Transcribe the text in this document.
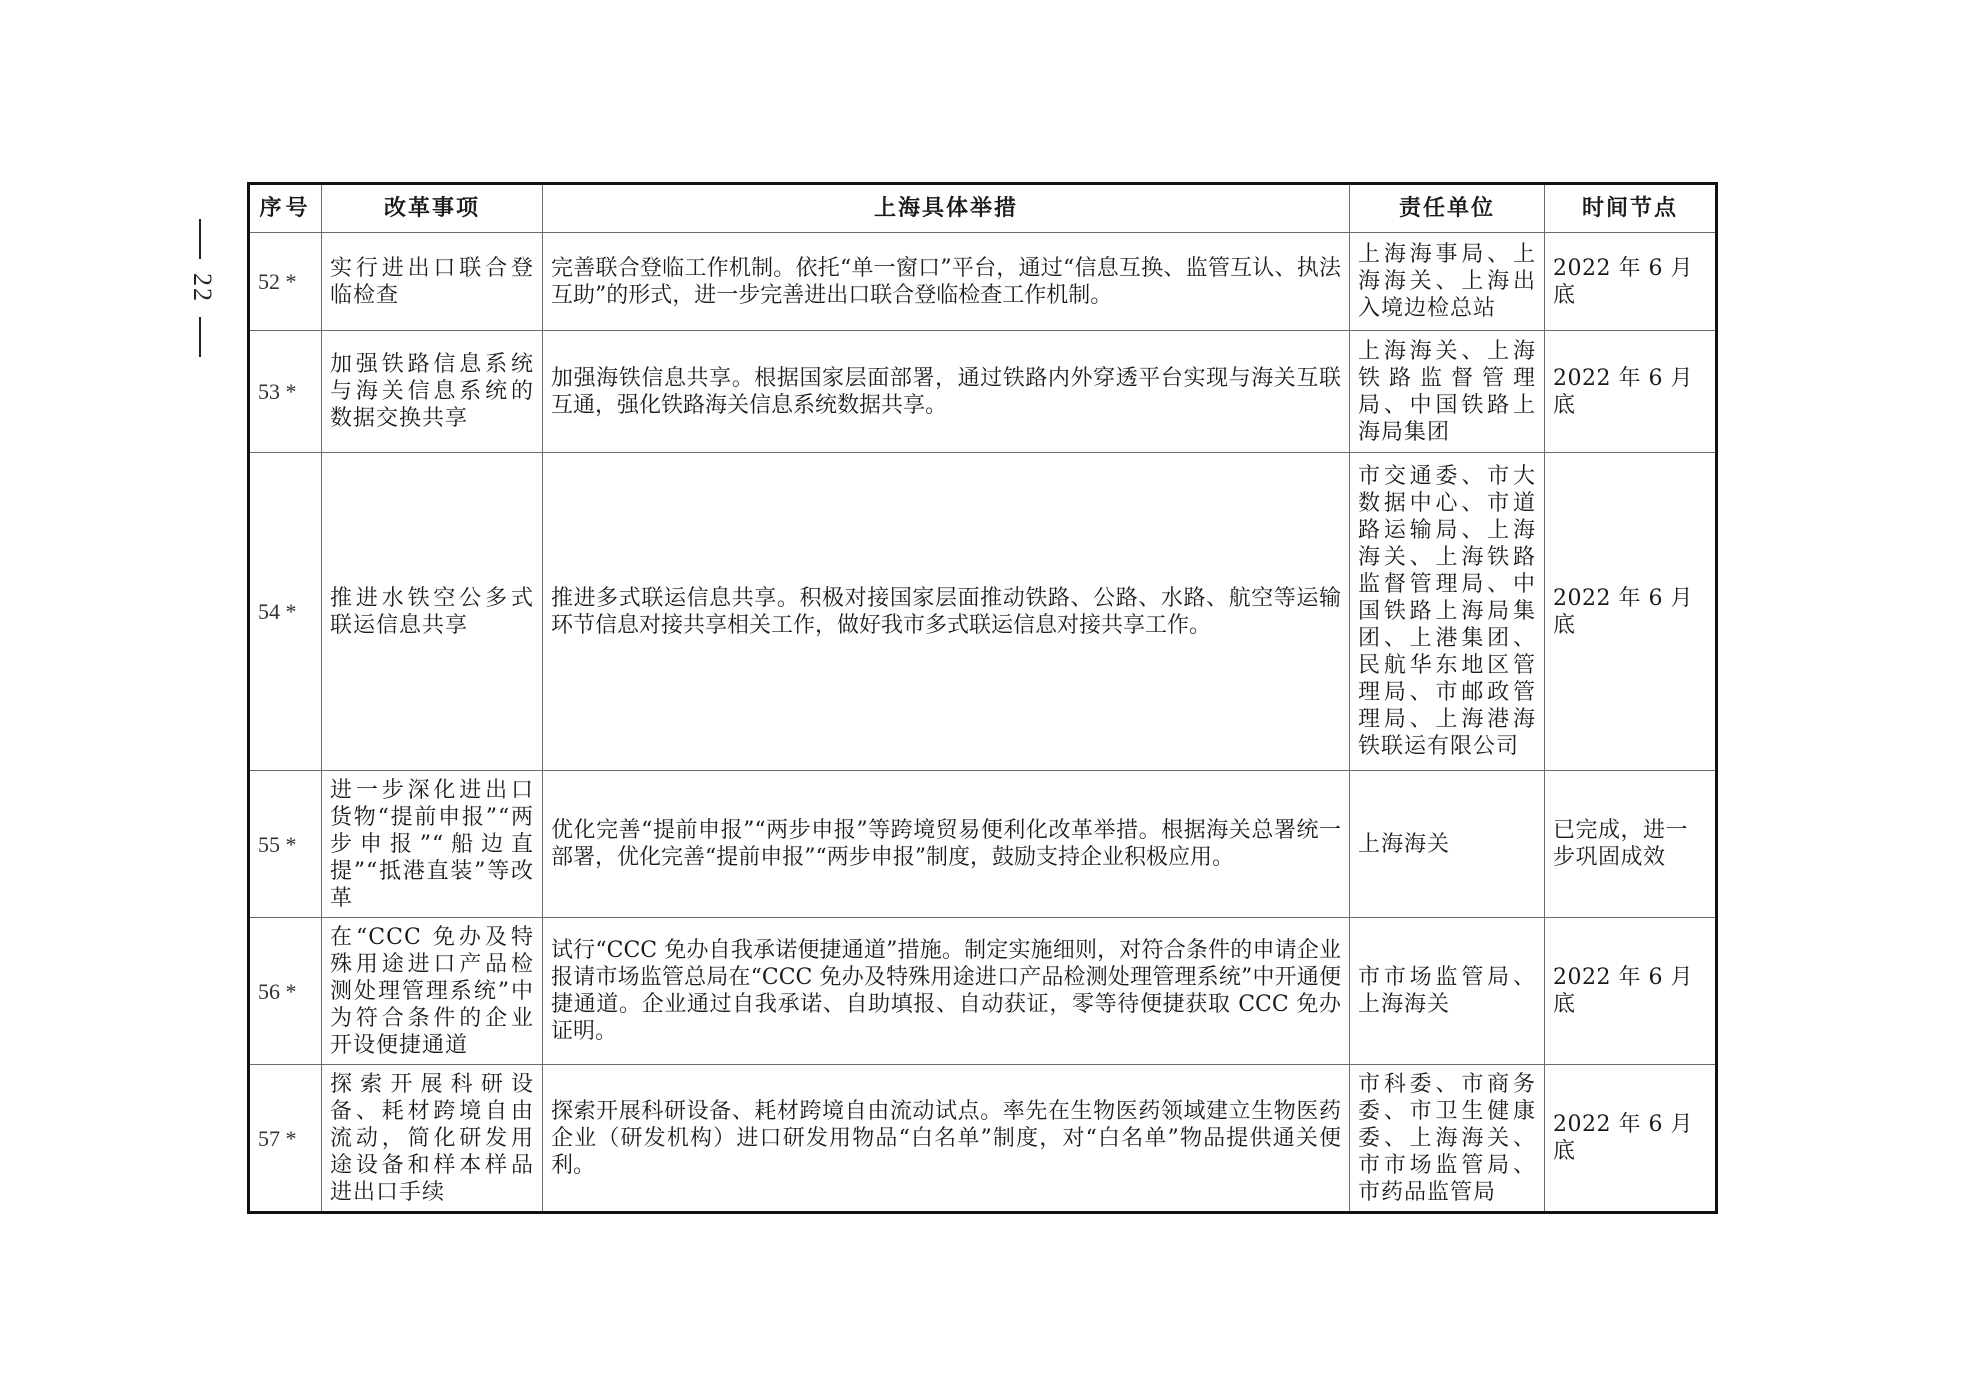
22
序号	改革事项	上海具体举措	责任单位	时间节点
52 *	实行进出口联合登临检查	完善联合登临工作机制。依托“单一窗口”平台，通过“信息互换、监管互认、执法互助”的形式，进一步完善进出口联合登临检查工作机制。	上海海事局、上海海关、上海出入境边检总站	2022 年 6 月底
53 *	加强铁路信息系统与海关信息系统的数据交换共享	加强海铁信息共享。根据国家层面部署，通过铁路内外穿透平台实现与海关互联互通，强化铁路海关信息系统数据共享。	上海海关、上海铁路监督管理局、中国铁路上海局集团	2022 年 6 月底
54 *	推进水铁空公多式联运信息共享	推进多式联运信息共享。积极对接国家层面推动铁路、公路、水路、航空等运输环节信息对接共享相关工作，做好我市多式联运信息对接共享工作。	市交通委、市大数据中心、市道路运输局、上海海关、上海铁路监督管理局、中国铁路上海局集团、上港集团、民航华东地区管理局、市邮政管理局、上海港海铁联运有限公司	2022 年 6 月底
55 *	进一步深化进出口货物“提前申报”“两步申报”“船边直提”“抵港直装”等改革	优化完善“提前申报”“两步申报”等跨境贸易便利化改革举措。根据海关总署统一部署，优化完善“提前申报”“两步申报”制度，鼓励支持企业积极应用。	上海海关	已完成，进一步巩固成效
56 *	在“CCC 免办及特殊用途进口产品检测处理管理系统”中为符合条件的企业开设便捷通道	试行“CCC 免办自我承诺便捷通道”措施。制定实施细则，对符合条件的申请企业报请市场监管总局在“CCC 免办及特殊用途进口产品检测处理管理系统”中开通便捷通道。企业通过自我承诺、自助填报、自动获证，零等待便捷获取 CCC 免办证明。	市市场监管局、上海海关	2022 年 6 月底
57 *	探索开展科研设备、耗材跨境自由流动，简化研发用途设备和样本样品进出口手续	探索开展科研设备、耗材跨境自由流动试点。率先在生物医药领域建立生物医药企业（研发机构）进口研发用物品“白名单”制度，对“白名单”物品提供通关便利。	市科委、市商务委、市卫生健康委、上海海关、市市场监管局、市药品监管局	2022 年 6 月底
